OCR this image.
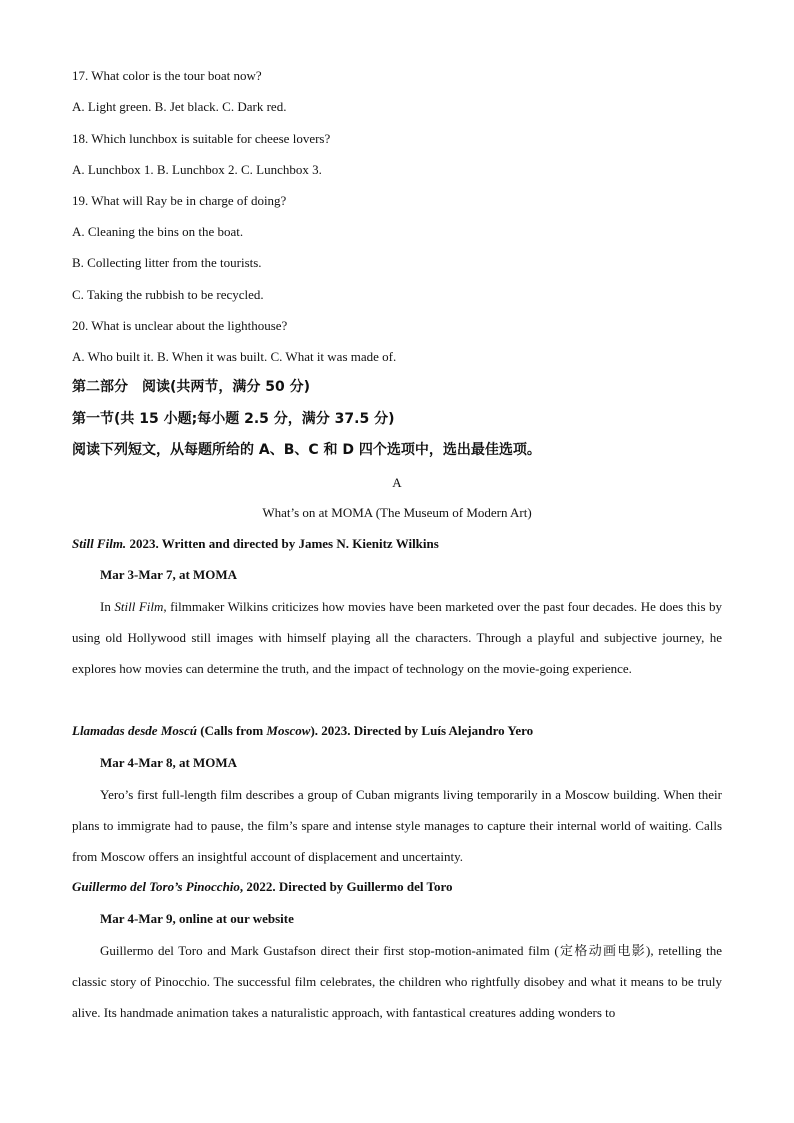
17. What color is the tour boat now?
A. Light green. B. Jet black. C. Dark red.
18. Which lunchbox is suitable for cheese lovers?
A. Lunchbox 1. B. Lunchbox 2. C. Lunchbox 3.
19. What will Ray be in charge of doing?
A. Cleaning the bins on the boat.
B. Collecting litter from the tourists.
C. Taking the rubbish to be recycled.
20. What is unclear about the lighthouse?
A. Who built it. B. When it was built. C. What it was made of.
第二部分　阅读(共两节，满分 50 分)
第一节(共 15 小题;每小题 2.5 分，满分 37.5 分)
阅读下列短文，从每题所给的 A、B、C 和 D 四个选项中，选出最佳选项。
A
What’s on at MOMA (The Museum of Modern Art)
Still Film. 2023. Written and directed by James N. Kienitz Wilkins
Mar 3-Mar 7, at MOMA
In Still Film, filmmaker Wilkins criticizes how movies have been marketed over the past four decades. He does this by using old Hollywood still images with himself playing all the characters. Through a playful and subjective journey, he explores how movies can determine the truth, and the impact of technology on the movie-going experience.
Llamadas desde Moscú (Calls from Moscow). 2023. Directed by Luís Alejandro Yero
Mar 4-Mar 8, at MOMA
Yero’s first full-length film describes a group of Cuban migrants living temporarily in a Moscow building. When their plans to immigrate had to pause, the film’s spare and intense style manages to capture their internal world of waiting. Calls from Moscow offers an insightful account of displacement and uncertainty.
Guillermo del Toro’s Pinocchio, 2022. Directed by Guillermo del Toro
Mar 4-Mar 9, online at our website
Guillermo del Toro and Mark Gustafson direct their first stop-motion-animated film (定格动画电影), retelling the classic story of Pinocchio. The successful film celebrates, the children who rightfully disobey and what it means to be truly alive. Its handmade animation takes a naturalistic approach, with fantastical creatures adding wonders to
